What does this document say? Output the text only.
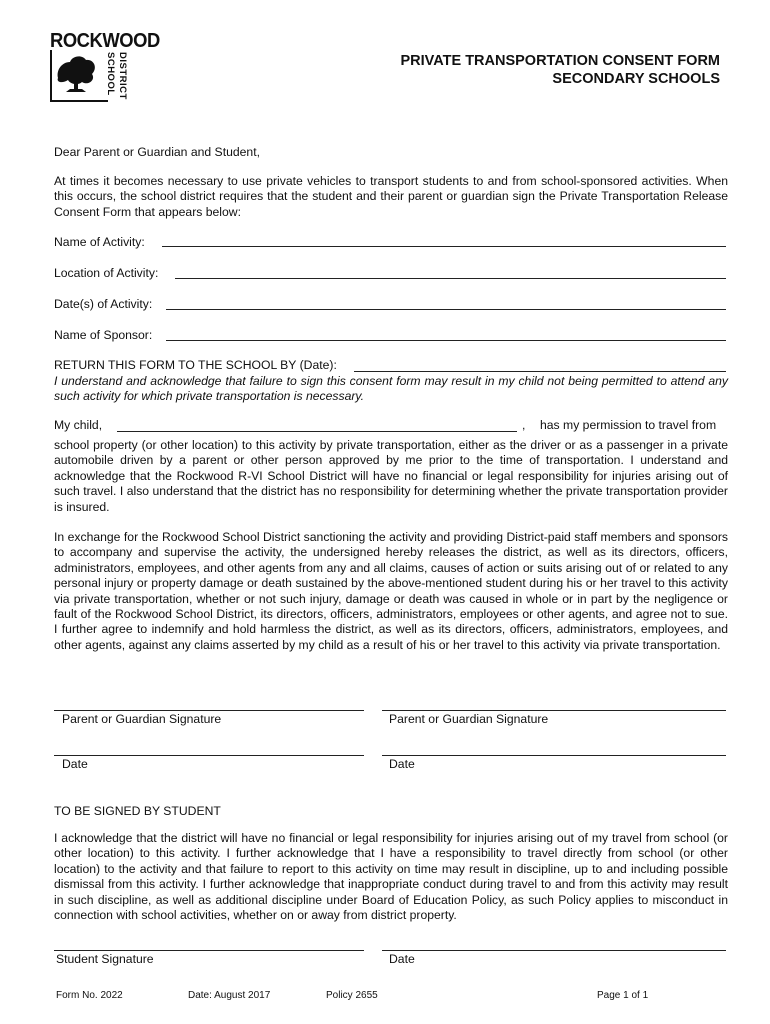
ROCKWOOD
SCHOOL DISTRICT	PRIVATE TRANSPORTATION CONSENT FORM
SECONDARY SCHOOLS
Dear Parent or Guardian and Student,
At times it becomes necessary to use private vehicles to transport students to and from school-sponsored activities. When this occurs, the school district requires that the student and their parent or guardian sign the Private Transportation Release Consent Form that appears below:
Name of Activity:
Location of Activity:
Date(s) of Activity:
Name of Sponsor:
RETURN THIS FORM TO THE SCHOOL BY (Date):
I understand and acknowledge that failure to sign this consent form may result in my child not being permitted to attend any such activity for which private transportation is necessary.
My child,	, has my permission to travel from
school property (or other location) to this activity by private transportation, either as the driver or as a passenger in a private automobile driven by a parent or other person approved by me prior to the time of transportation. I understand and acknowledge that the Rockwood R-VI School District will have no financial or legal responsibility for injuries arising out of such travel. I also understand that the district has no responsibility for determining whether the private transportation provider is insured.
In exchange for the Rockwood School District sanctioning the activity and providing District-paid staff members and sponsors to accompany and supervise the activity, the undersigned hereby releases the district, as well as its directors, officers, administrators, employees, and other agents from any and all claims, causes of action or suits arising out of or related to any personal injury or property damage or death sustained by the above-mentioned student during his or her travel to this activity via private transportation, whether or not such injury, damage or death was caused in whole or in part by the negligence or fault of the Rockwood School District, its directors, officers, administrators, employees or other agents, and agree not to sue. I further agree to indemnify and hold harmless the district, as well as its directors, officers, administrators, employees, and other agents, against any claims asserted by my child as a result of his or her travel to this activity via private transportation.
Parent or Guardian Signature	Parent or Guardian Signature
Date	Date
TO BE SIGNED BY STUDENT
I acknowledge that the district will have no financial or legal responsibility for injuries arising out of my travel from school (or other location) to this activity. I further acknowledge that I have a responsibility to travel directly from school (or other location) to the activity and that failure to report to this activity on time may result in discipline, up to and including possible dismissal from this activity. I further acknowledge that inappropriate conduct during travel to and from this activity may result in such discipline, as well as additional discipline under Board of Education Policy, as such Policy applies to misconduct in connection with school activities, whether on or away from district property.
Student Signature	Date
Form No. 2022	Date: August 2017	Policy 2655	Page 1 of 1
